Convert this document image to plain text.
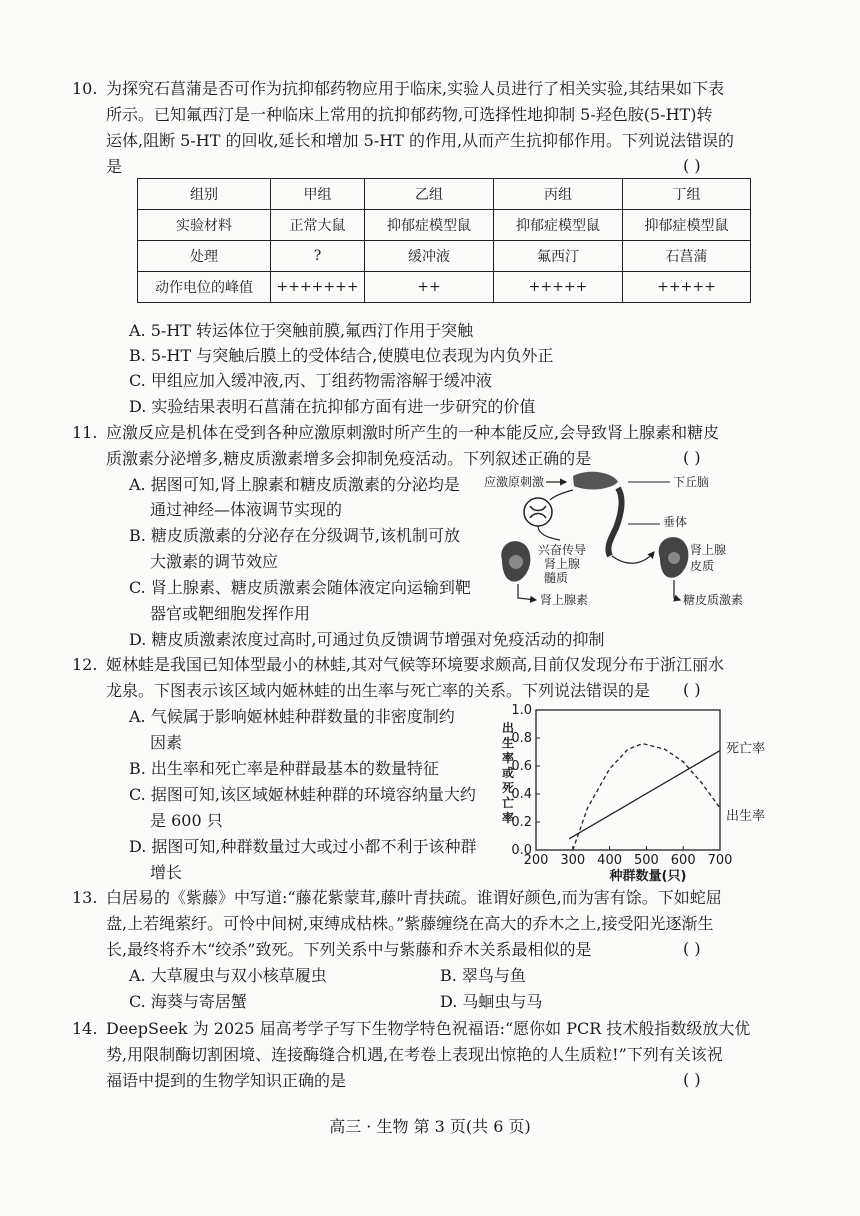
10. 为探究石菖蒲是否可作为抗抑郁药物应用于临床,实验人员进行了相关实验,其结果如下表
所示。已知氟西汀是一种临床上常用的抗抑郁药物,可选择性地抑制 5-羟色胺(5-HT)转
运体,阻断 5-HT 的回收,延长和增加 5-HT 的作用,从而产生抗抑郁作用。下列说法错误的
是	( )
组别	甲组	乙组	丙组	丁组
实验材料	正常大鼠	抑郁症模型鼠	抑郁症模型鼠	抑郁症模型鼠
处理	?	缓冲液	氟西汀	石菖蒲
动作电位的峰值	+++++++	++	+++++	+++++
A. 5-HT 转运体位于突触前膜,氟西汀作用于突触
B. 5-HT 与突触后膜上的受体结合,使膜电位表现为内负外正
C. 甲组应加入缓冲液,丙、丁组药物需溶解于缓冲液
D. 实验结果表明石菖蒲在抗抑郁方面有进一步研究的价值
11. 应激反应是机体在受到各种应激原刺激时所产生的一种本能反应,会导致肾上腺素和糖皮
质激素分泌增多,糖皮质激素增多会抑制免疫活动。下列叙述正确的是	( )
A. 据图可知,肾上腺素和糖皮质激素的分泌均是
通过神经—体液调节实现的
B. 糖皮质激素的分泌存在分级调节,该机制可放
大激素的调节效应
C. 肾上腺素、糖皮质激素会随体液定向运输到靶
器官或靶细胞发挥作用
D. 糖皮质激素浓度过高时,可通过负反馈调节增强对免疫活动的抑制
应激原刺激	下丘脑
垂体
兴奋传导
肾上腺
髓质
肾上腺
皮质
肾上腺素	糖皮质激素
12. 姬林蛙是我国已知体型最小的林蛙,其对气候等环境要求颇高,目前仅发现分布于浙江丽水
龙泉。下图表示该区域内姬林蛙的出生率与死亡率的关系。下列说法错误的是 ( )
A. 气候属于影响姬林蛙种群数量的非密度制约
因素
B. 出生率和死亡率是种群最基本的数量特征
C. 据图可知,该区域姬林蛙种群的环境容纳量大约
是 600 只
D. 据图可知,种群数量过大或过小都不利于该种群
增长
200 300 400 500 600 700
0.0
0.2
0.4
0.6
0.8
1.0
种群数量(只)
出生率或死亡率
死亡率
出生率
13. 白居易的《紫藤》中写道:“藤花紫蒙茸,藤叶青扶疏。谁谓好颜色,而为害有馀。下如蛇屈
盘,上若绳萦纡。可怜中间树,束缚成枯株。”紫藤缠绕在高大的乔木之上,接受阳光逐渐生
长,最终将乔木“绞杀”致死。下列关系中与紫藤和乔木关系最相似的是	( )
A. 大草履虫与双小核草履虫	B. 翠鸟与鱼
C. 海葵与寄居蟹	D. 马蛔虫与马
14. DeepSeek 为 2025 届高考学子写下生物学特色祝福语:“愿你如 PCR 技术般指数级放大优
势,用限制酶切割困境、连接酶缝合机遇,在考卷上表现出惊艳的人生质粒!”下列有关该祝
福语中提到的生物学知识正确的是	( )
高三 · 生物 第 3 页(共 6 页)
